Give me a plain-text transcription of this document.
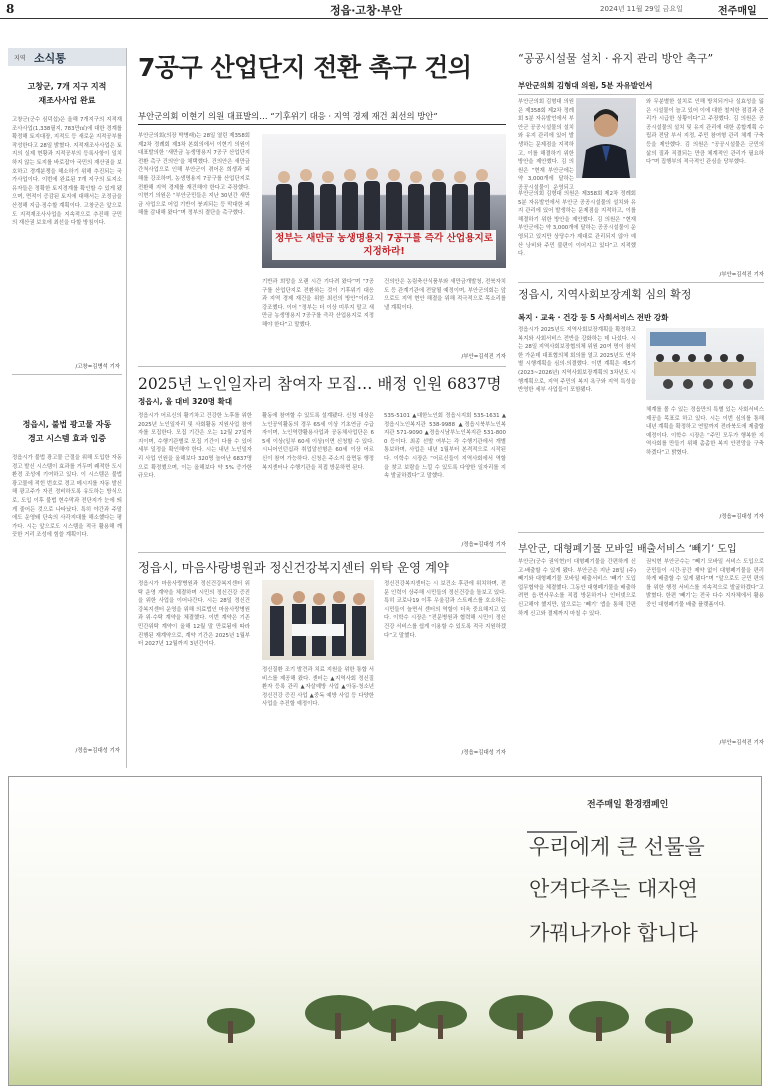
8	정읍·고창·부안	2024년 11월 29일 금요일	전주매일
지역 소식통
고창군, 7개 지구 지적
재조사사업 완료
고창군(군수 심덕섭)은 올해 7개지구의 지적재조사사업(1,338필지, 783만㎡)에 대한 경계를 확정해 토지대장, 지적도 등 새로운 지적공부를 작성한다고 28일 밝혔다. 지적재조사사업은 토지의 실제 현황과 지적공부의 등록사항이 일치하지 않는 토지를 바로잡아 국민의 재산권을 보호하고 경계분쟁을 해소하기 위해 추진되는 국가사업이다. 이번에 완료된 7개 지구의 토지소유자들은 정확한 토지경계를 확인할 수 있게 됐으며, 면적이 증감된 토지에 대해서는 조정금을 산정해 지급·징수할 계획이다. 고창군은 앞으로도 지적재조사사업을 지속적으로 추진해 군민의 재산권 보호에 최선을 다할 방침이다.
/고창=김병석 기자
정읍시, 불법 광고물 자동
경고 시스템 효과 입증
정읍시가 불법 광고물 근절을 위해 도입한 자동경고 발신 시스템이 효과를 거두며 쾌적한 도시 환경 조성에 기여하고 있다. 이 시스템은 불법 광고물에 적힌 번호로 경고 메시지를 자동 발신해 광고주가 자진 정비하도록 유도하는 방식으로, 도입 이후 불법 현수막과 전단지가 눈에 띄게 줄어든 것으로 나타났다. 특히 야간과 주말에도 운영돼 단속의 사각지대를 해소했다는 평가다. 시는 앞으로도 시스템을 적극 활용해 깨끗한 거리 조성에 힘쓸 계획이다.
/정읍=김대성 기자
7공구 산업단지 전환 촉구 건의
부안군의회 이현기 의원 대표발의… “기후위기 대응 · 지역 경제 재건 최선의 방안”
부안군의회(의장 박병래)는 28일 열린 제358회 제2차 정례회 제3차 본회의에서 이현기 의원이 대표발의한 ‘새만금 농생명용지 7공구 산업단지 전환 촉구 건의안’을 채택했다. 건의안은 새만금 간척사업으로 인해 부안군이 겪어온 희생과 피해를 강조하며, 농생명용지 7공구를 산업단지로 전환해 지역 경제를 재건해야 한다고 주장했다. 이현기 의원은 “부안군민들은 지난 30년간 새만금 사업으로 어업 기반이 붕괴되는 등 막대한 피해를 감내해 왔다”며 정부의 결단을 촉구했다.
정부는 새만금 농생명용지 7공구를 즉각 산업용지로 지정하라!
기반과 희망을 오랜 시간 기다려 왔다”며 “7공구를 산업단지로 전환하는 것이 기후위기 대응과 지역 경제 재건을 위한 최선의 방안”이라고 강조했다. 이어 “정부는 더 이상 미루지 말고 새만금 농생명용지 7공구를 즉각 산업용지로 지정해야 한다”고 말했다.
건의안은 농림축산식품부와 새만금개발청, 전북자치도 등 관계기관에 전달될 예정이며, 부안군의회는 앞으로도 지역 현안 해결을 위해 적극적으로 목소리를 낼 계획이다.
/부안=김석진 기자
“공공시설물 설치 · 유지 관리 방안 촉구”
부안군의회 김형대 의원, 5분 자유발언서
부안군의회 김형대 의원은 제358회 제2차 정례회 5분 자유발언에서 부안군 공공시설물의 설치와 유지 관리에 있어 발생하는 문제점을 지적하고, 이를 해결하기 위한 방안을 제안했다. 김 의원은 “현재 부안군에는 약 3,000개에 달하는 공공시설물이 운영되고
부안군의회 김형대 의원은 제358회 제2차 정례회 5분 자유발언에서 부안군 공공시설물의 설치와 유지 관리에 있어 발생하는 문제점을 지적하고, 이를 해결하기 위한 방안을 제안했다. 김 의원은 “현재 부안군에는 약 3,000개에 달하는 공공시설물이 운영되고 있지만 상당수가 제대로 관리되지 않아 예산 낭비와 주민 불편이 이어지고 있다”고 지적했다.
와 무분별한 설치로 인해 방치되거나 실효성을 잃은 시설물이 늘고 있어 이에 대한 철저한 점검과 관리가 시급한 상황이다”고 주장했다. 김 의원은 공공시설물의 설치 및 유지 관리에 대한 종합계획 수립과 전담 부서 지정, 주민 참여형 관리 체계 구축 등을 제안했다. 김 의원은 “공공시설물은 군민의 삶의 질과 직결되는 만큼 체계적인 관리가 필요하다”며 집행부의 적극적인 관심을 당부했다.
/부안=김석진 기자
2025년 노인일자리 참여자 모집… 배정 인원 6837명
정읍시, 올 대비 320명 확대
정읍시가 어르신의 활기차고 건강한 노후를 위한 2025년 노인일자리 및 사회활동 지원사업 참여자를 모집한다. 모집 기간은 오는 12월 27일까지이며, 수행기관별로 모집 기간이 다를 수 있어 세부 일정을 확인해야 한다. 시는 내년 노인일자리 사업 인원을 올해보다 320명 늘어난 6837명으로 확정했으며, 이는 올해보다 약 5% 증가한 규모다.
활동에 참여할 수 있도록 설계됐다. 신청 대상은 노인공익활동의 경우 65세 이상 기초연금 수급자이며, 노인역량활용사업과 공동체사업단은 65세 이상(일부 60세 이상)이면 신청할 수 있다. 시니어인턴십과 취업알선형은 60세 이상 어르신이 참여 가능하다. 신청은 주소지 읍면동 행정복지센터나 수행기관을 직접 방문하면 된다.
535-5101 ▲대한노인회 정읍시지회 535-1631 ▲정읍시노인복지관 538-9988 ▲정읍시북부노인복지관 571-9090 ▲정읍시남부노인복지관 531-8000 등이다. 최종 선발 여부는 각 수행기관에서 개별 통보하며, 사업은 내년 1월부터 본격적으로 시작된다. 이학수 시장은 “어르신들이 지역사회에서 역할을 찾고 보람을 느낄 수 있도록 다양한 일자리를 지속 발굴하겠다”고 말했다.
/정읍=김대성 기자
정읍시, 지역사회보장계획 심의 확정
복지 · 교육 · 건강 등 5 사회서비스 전반 강화
정읍시가 2025년도 지역사회보장계획을 확정하고 복지와 사회서비스 전반을 강화하는 데 나섰다. 시는 28일 지역사회보장협의체 위원 20여 명이 참석한 가운데 대표협의체 회의를 열고 2025년도 연차별 시행계획을 심의·의결했다. 이번 계획은 제5기(2023~2026년) 지역사회보장계획의 3차년도 시행계획으로, 지역 주민의 복지 욕구와 지역 특성을 반영한 세부 사업들이 포함됐다.
체계를 볼 수 있는 정읍만의 특별 있는 사회서비스 제공을 목표로 하고 있다. 시는 이번 심의를 통해 내년 계획을 확정하고 연말까지 전라북도에 제출할 예정이다. 이학수 시장은 “주민 모두가 행복한 지역사회를 만들기 위해 촘촘한 복지 안전망을 구축하겠다”고 밝혔다.
/정읍=김대성 기자
정읍시, 마음사랑병원과 정신건강복지센터 위탁 운영 계약
정읍시가 마음사랑병원과 정신건강복지센터 위탁 운영 계약을 체결하며 시민의 정신건강 증진을 위한 사업을 이어나간다. 시는 28일 정신건강복지센터 운영을 위해 의료법인 마음사랑병원과 위·수탁 계약을 체결했다. 이번 계약은 기존 민간위탁 계약이 올해 12월 말 만료됨에 따라 진행된 재계약으로, 계약 기간은 2025년 1월부터 2027년 12월까지 3년간이다.
정신질환 조기 발견과 치료 지원을 위한 통합 서비스를 제공해 왔다. 센터는 ▲지역사회 정신질환자 등록 관리 ▲자살예방 사업 ▲아동·청소년 정신건강 증진 사업 ▲중독 예방 사업 등 다양한 사업을 추진할 예정이다.
정신건강복지센터는 시 보건소 후관에 위치하며, 전문 인력이 상주해 시민들의 정신건강을 돌보고 있다. 특히 코로나19 이후 우울감과 스트레스를 호소하는 시민들이 늘면서 센터의 역할이 더욱 중요해지고 있다. 이학수 시장은 “전문병원과 협력해 시민이 정신건강 서비스를 쉽게 이용할 수 있도록 적극 지원하겠다”고 말했다.
/정읍=김대성 기자
부안군, 대형폐기물 모바일 배출서비스 ‘빼기’ 도입
부안군(군수 권익현)이 대형폐기물을 간편하게 신고·배출할 수 있게 됐다. 부안군은 지난 28일 (주)빼기와 대형폐기물 모바일 배출서비스 ‘빼기’ 도입 업무협약을 체결했다. 그동안 대형폐기물을 배출하려면 읍·면사무소를 직접 방문하거나 인터넷으로 신고해야 했지만, 앞으로는 ‘빼기’ 앱을 통해 간편하게 신고와 결제까지 마칠 수 있다.
권익현 부안군수는 “빼기 모바일 서비스 도입으로 군민들이 시간·공간 제약 없이 대형폐기물을 편리하게 배출할 수 있게 됐다”며 “앞으로도 군민 편의를 위한 행정 서비스를 지속적으로 발굴하겠다”고 밝혔다. 한편 ‘빼기’는 전국 다수 지자체에서 활용 중인 대형폐기물 배출 플랫폼이다.
/부안=김석진 기자
전주매일 환경캠페인
우리에게 큰 선물을
안겨다주는 대자연
가꿔나가야 합니다
